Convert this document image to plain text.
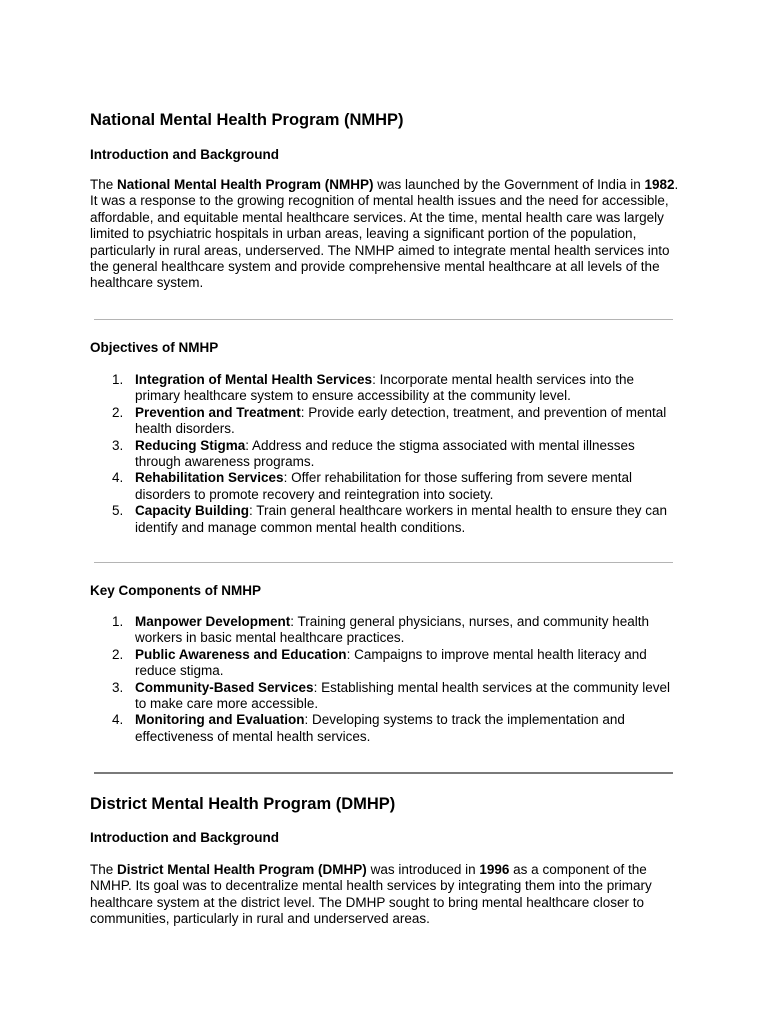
National Mental Health Program (NMHP)
Introduction and Background
The National Mental Health Program (NMHP) was launched by the Government of India in 1982. It was a response to the growing recognition of mental health issues and the need for accessible, affordable, and equitable mental healthcare services. At the time, mental health care was largely limited to psychiatric hospitals in urban areas, leaving a significant portion of the population, particularly in rural areas, underserved. The NMHP aimed to integrate mental health services into the general healthcare system and provide comprehensive mental healthcare at all levels of the healthcare system.
Objectives of NMHP
1. Integration of Mental Health Services: Incorporate mental health services into the primary healthcare system to ensure accessibility at the community level.
2. Prevention and Treatment: Provide early detection, treatment, and prevention of mental health disorders.
3. Reducing Stigma: Address and reduce the stigma associated with mental illnesses through awareness programs.
4. Rehabilitation Services: Offer rehabilitation for those suffering from severe mental disorders to promote recovery and reintegration into society.
5. Capacity Building: Train general healthcare workers in mental health to ensure they can identify and manage common mental health conditions.
Key Components of NMHP
1. Manpower Development: Training general physicians, nurses, and community health workers in basic mental healthcare practices.
2. Public Awareness and Education: Campaigns to improve mental health literacy and reduce stigma.
3. Community-Based Services: Establishing mental health services at the community level to make care more accessible.
4. Monitoring and Evaluation: Developing systems to track the implementation and effectiveness of mental health services.
District Mental Health Program (DMHP)
Introduction and Background
The District Mental Health Program (DMHP) was introduced in 1996 as a component of the NMHP. Its goal was to decentralize mental health services by integrating them into the primary healthcare system at the district level. The DMHP sought to bring mental healthcare closer to communities, particularly in rural and underserved areas.
